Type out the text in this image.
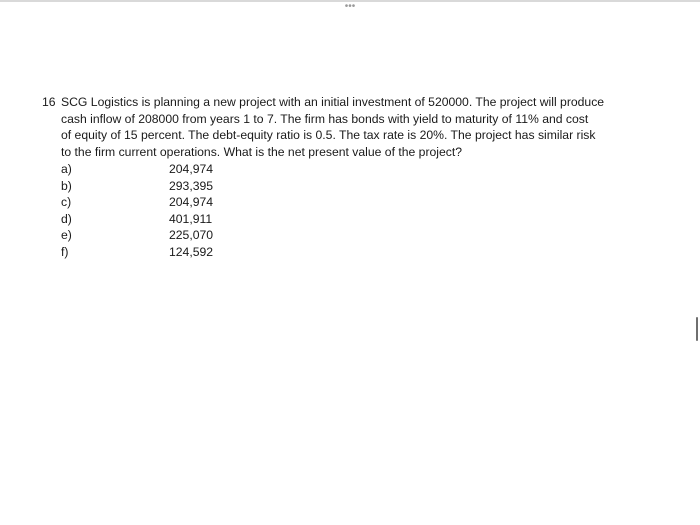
•••
16 SCG Logistics is planning a new project with an initial investment of 520000. The project will produce
cash inflow of 208000 from years 1 to 7. The firm has bonds with yield to maturity of 11% and cost
of equity of 15 percent. The debt-equity ratio is 0.5. The tax rate is 20%. The project has similar risk
to the firm current operations. What is the net present value of the project?
a)	204,974
b)	293,395
c)	204,974
d)	401,911
e)	225,070
f)	124,592
